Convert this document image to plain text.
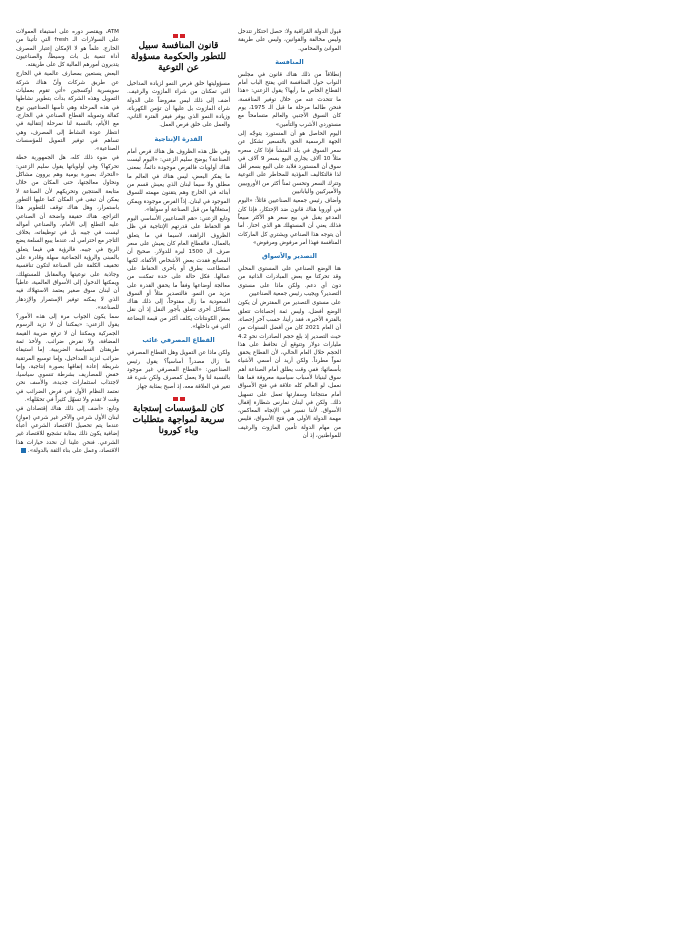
قبول الدولة المُراقبة ولا: حصل احتكار تتدخل وليس مخالفة والقوانين، وليس على طريقة الموانئ والمحامي.

المنافسة

إنطلاقاً من ذلك هناك قانون في مجلس النواب حول المنافسة التي يفتح الباب أمام القطاع الخاص ما رأيها؟ يقول الزعني: «هذا ما تتحدث عنه من خلال توفير المنافسة، فنحن طالما مرحلة ما قبل الـ 1975، يوم كان السوق الأجنبي والعالم متسامحاً مع مستوردي الأشرب والتأمين»

اليوم الحاصل هو أن المستورد يتوجّه إلى الجهة الرسمية الحق بالتسعير تشكل عن سعر السوق في بلد المنشأ فإذا كان سعره مثلاً 10 آلاف يجاري البيع بسعر 9 آلاف في سوق أن المستورد فلابد على البيع بسعر أقل لذا فالتكاليف المؤذية للمخاطر على التوعية وتترك السعر وتحسن ثمناً أكثر من الأوروبيين والأميركيين واليابانيين

وأضاف رئيس جمعية الصناعيين قائلاً: «اليوم في أوروبا هناك قانون ضد الإحتكار، فإذا كان المدعو يقبل في بيع سعر هو الأكثر مبيعاً فذلك يعني أن المستهلك هو الذي اختار. أما أن يتوجه هذا الصناعي ويشتري كل الماركات المنافسة فهذا أمر مرفوض ومرفوض»

التصدير والأسواق

هنا الوضع الصناعي على المستوى المحلي وقد تحركنا مع بعض المبادرات الذاتية من دون أي دعم. ولكن ماذا على مستوى التصدير؟ ويجيب رئيس جمعية الصناعيين

على مستوى التصدير من المفترض أن يكون الوضع أفضل، وليس ثمة إحصاءات تتعلق بالفترة الأخيرة، فقد رأينا، حسب آخر إحصاء، أن العام 2021 كان من أفضل السنوات من حيث التصدير إذ بلغ حجم الصادرات نحو 4.2 مليارات دولار وتتوقع أن نحافظ على هذا الحجم خلال العام الحالي، لأن القطاع يحقق نمواً مطرداً. ولكن أريد أن أسمي الأشياء بأسمائها: ففي وقت يطلق أمام الصناعة أهم سوق لبنيانا لأسباب سياسية معروفة فما هنا نعمل، لو العالم كله علاقة في فتح الأسواق أمام منتجاتنا وسفارتها تعمل على تسهيل ذلك. ولكن في لبنان نمارس شطارة إقفال الأسواق. لأننا نسير في الإتجاه المعاكس، مهمة الدولة الأولى هي فتح الأسواق، فليس من مهام الدولة تأمين المازوت والرغيف للمواطنين، إذ أن

قانون المنافسة سبيل للتطور والحكومة مسؤولة عن التوعية

مسؤوليتها خلق فرص النمو لزيادة المداخيل التي تمكنان من شراء المازوت والرغيف. أضف إلى ذلك ليس مفروضاً على الدولة شراء المازوت بل عليها أن تؤمن الكهرباء، وزيادة النمو الذي يوفر فيقر الفترة الثاني، والعمل على خلق فرص العمل.

القدرة الإنتاجية

وفي ظل هذه الظروف هل هناك فرص أمام الصناعة؟ يوضح سليم الزعني: «اليوم ليست هناك أولويات فالفرص موجودة دائماً، بمعنى ما يفكر البعض، ليس هناك في العالم ما مطلق ولا سيما لبنان الذي يعيش قسم من أبنائه في الخارج وهم يتقنون مهمته للسوق الموجود في لبنان. إذاً الفرص موجودة ويمكن إستغلالها من قبل الصناعة أو سواها».

وتابع الزعني: «هم الصناعيين الأساسي اليوم هو الحفاظ على قدرتهم الإنتاجية في ظل الظروف الراهنة، لاسيما في ما يتعلق بالعمال، فالقطاع العام كان يعيش على سعر صرف ال 1500 ليرة للدولار. صحيح أن المصانع فقدت بعض الأشخاص الأكفاء، لكنها استطاعت بطرق أو بأخرى الحفاظ على عمالها. فكل حالة على حدة تمكنت من معالجة أوضاعها وفقاً ما يحقق القدرة على مزيد من النمو. فالتصدير مثلاً أو السوق السعودية ما زال مفتوحاً، إلى ذلك هناك مشاكل أخرى تتعلق بأجور النقل إذ أن نقل بعض الكونتانات يكلف أكثر من قيمة البضاعة التي في داخلها».

القطاع المصرفي غائب

ولكن ماذا عن التمويل وهل القطاع المصرفي ما زال مصدراً أساسياً؟ يقول رئيس الصناعيين: «القطاع المصرفي غير موجود بالنسبة لنا ولا يعمل كمصرف ولكن شيء قد تغير في العلاقة معه، إذ أصبح بمثابة جهاز

كان للمؤسسات إستجابة سريعة لمواجهة متطلبات وباء كورونا

ATM، ويقتصر دوره على استيفاء العمولات على السولارات الـ fresh التي تأتينا من الخارج. علماً هو لا الإمكان إعتبار المصرف أداة تنمية بل بات وسيطاً، والصناعيون يتدبرون أمورهم المالية كل على طريقته.

البعض يستعين بمصارف عالمية في الخارج عن طريق شركات وأنّ هناك شركة سويسرية أوكسجين «أتي تقوم بعمليات التمويل وهذه الشركة بدأت بتطوير نشاطها في هذه المرحلة وهي تأسها الصناعيين نوع كفالة وتمويله القطاع الصناعي في الخارج، مع الأيام، بالنسبة لنا نمرحلة إنتقالية في انتظار عودة النشاط إلى المصرف، وهي تساهم في توفير التمويل للمؤسسات الصناعية».

في ضوء ذلك كله، هل الجمهورية خطة تحركها؟ وفي أولوياتها يقول سليم الزعني: «التحرك بصورة يومية وهم يروون مشاكل ونحاول معالجتها، حتى المكان من خلال متابعة المنتجين وتحريكهم لأن الصناعة لا يمكن أن تبقى في المكان كما عليها التطور باستمرار، وهل هناك توقف للتطوير هذا التراجع. هناك حقيقة واضحة أن الصناعي عليه التطلع إلى الأمام، والصناعي أمواله ليست في جيبه بل في توظيفاته، بخلاف التاجر مع احترامي له، عندما يبيع السلعة يضع الربح في جيبه. فالرؤية هي فيما يتعلق بالمبنى والرؤية الجماعية سهلة وقادرة على تخفيف الكلفة على الصناعة لتكون تنافسية وجاذبة على نوعيتها وبالمقابل للمستهلك، ويمكنها الدخول إلى الأسواق العالمية، عاطياً أن لبنان سوق صغير يعتمد الاستهلاك فيه الذي لا يمكنه توفير الإستمرار والإزدهار للصناعة».

سما يكون الجواب مرة إلى هذه الأمور؟ يقول الزعني: «يمكننا أن لا تزيد الرسوم الجمركية ويمكننا أن لا ترفع ضريبة القيمة المضافة، ولا نفرض ضرائب. ولأخذ ثمة طريقتان السياسة الضريبية. إما استيفاء ضرائب لنزيد المداخيل، وإما توسيع المرتقبة شريطة إعادة إنفاقها بصورة إنتاجية، وإما خفض للمصاريف بشرطة تنسوي سياسيا، لاجتذاب استثمارات جديدة، والأسف نحن نعتمد النظام الأول في فرض الضرائب في وقت لا تقدم ولا تسهّل كثيراً في تحمّلها».

وتابع: «أضف إلى ذلك هناك إقتصادان في لبنان الأول شرعي والآخر غير شرعي (موازٍ) عندما يتم تحصيل الاقتصاد الشرعي أعباء إضافية يكون ذلك بمثابة تشجيع للاقتصاد غير الشرعي. فنحن علينا أن نحدد خيارات هذا الاقتصاد، وعمل على بناء الثقة بالدولة».
